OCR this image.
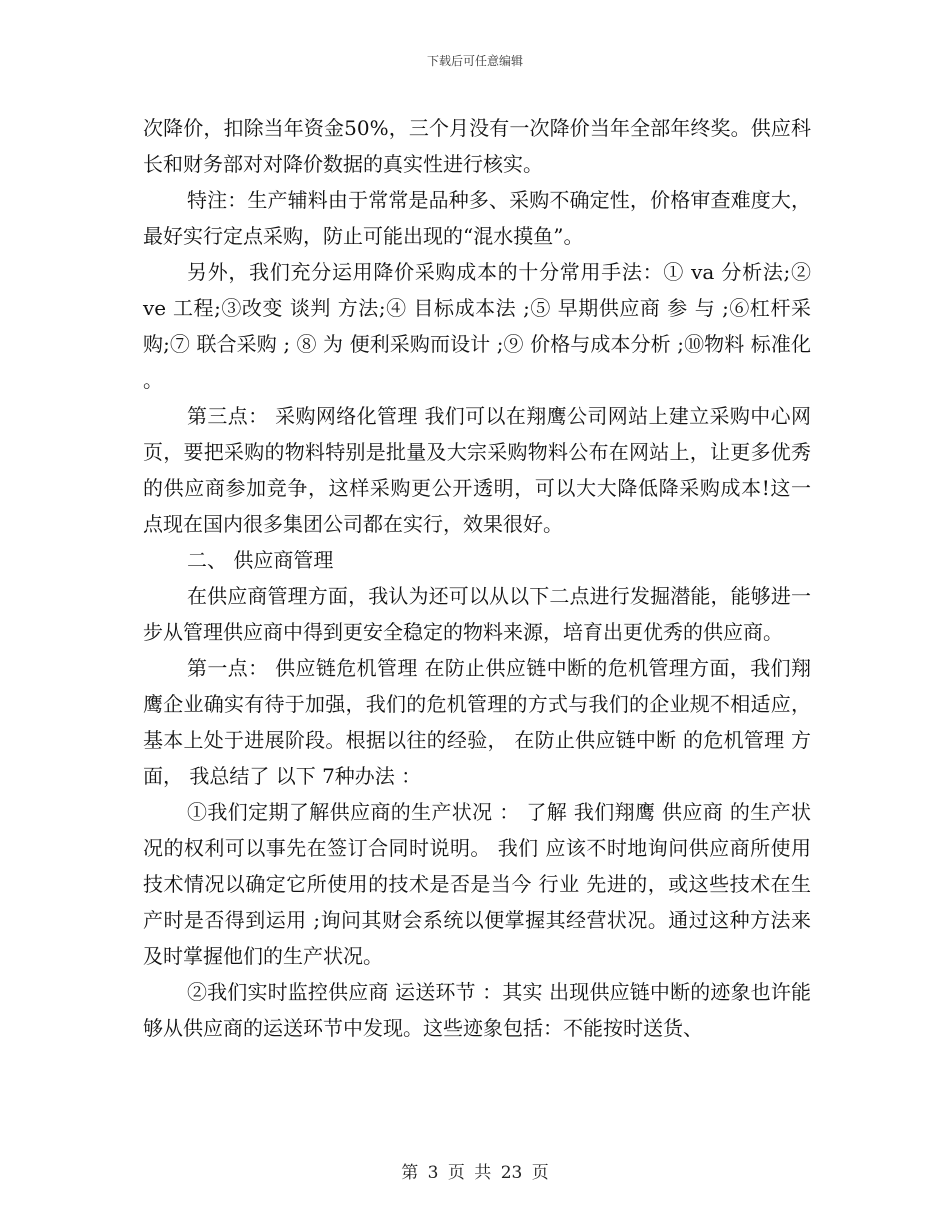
下载后可任意编辑

次降价，扣除当年资金50%，三个月没有一次降价当年全部年终奖。供应科长和财务部对对降价数据的真实性进行核实。

特注：生产辅料由于常常是品种多、采购不确定性，价格审查难度大，最好实行定点采购，防止可能出现的“混水摸鱼”。

另外，我们充分运用降价采购成本的十分常用手法：① va 分析法;② ve 工程;③改变 谈判 方法;④ 目标成本法 ;⑤ 早期供应商 参 与 ;⑥杠杆采购;⑦ 联合采购 ; ⑧ 为 便利采购而设计 ;⑨ 价格与成本分析 ;⑩物料 标准化 。

第三点： 采购网络化管理 我们可以在翔鹰公司网站上建立采购中心网页，要把采购的物料特别是批量及大宗采购物料公布在网站上，让更多优秀的供应商参加竞争，这样采购更公开透明，可以大大降低降采购成本!这一点现在国内很多集团公司都在实行，效果很好。

二、 供应商管理

在供应商管理方面，我认为还可以从以下二点进行发掘潜能，能够进一步从管理供应商中得到更安全稳定的物料来源，培育出更优秀的供应商。

第一点： 供应链危机管理 在防止供应链中断的危机管理方面，我们翔鹰企业确实有待于加强，我们的危机管理的方式与我们的企业规不相适应，基本上处于进展阶段。根据以往的经验， 在防止供应链中断 的危机管理 方面， 我总结了 以下 7种办法 ：

①我们定期了解供应商的生产状况 ： 了解 我们翔鹰 供应商 的生产状况的权利可以事先在签订合同时说明。 我们 应该不时地询问供应商所使用技术情况以确定它所使用的技术是否是当今 行业 先进的，或这些技术在生产时是否得到运用 ;询问其财会系统以便掌握其经营状况。通过这种方法来及时掌握他们的生产状况。

②我们实时监控供应商 运送环节 ：其实 出现供应链中断的迹象也许能够从供应商的运送环节中发现。这些迹象包括：不能按时送货、

第 3 页 共 23 页
